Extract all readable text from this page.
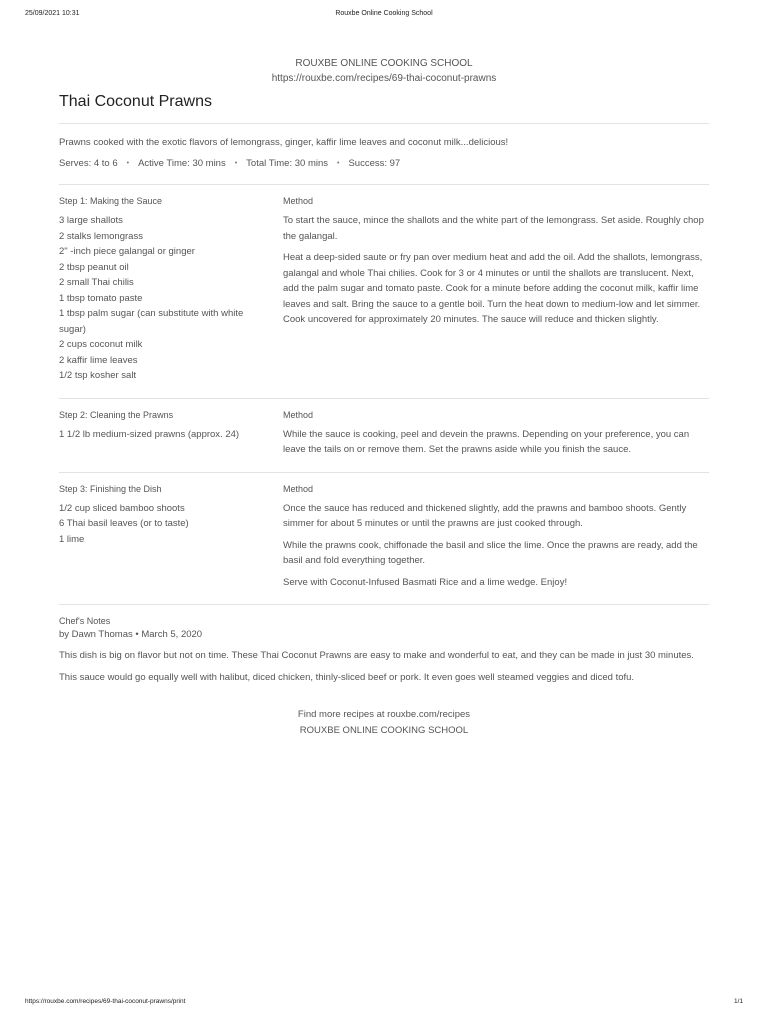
25/09/2021 10:31	Rouxbe Online Cooking School
ROUXBE ONLINE COOKING SCHOOL
https://rouxbe.com/recipes/69-thai-coconut-prawns
Thai Coconut Prawns
Prawns cooked with the exotic flavors of lemongrass, ginger, kaffir lime leaves and coconut milk...delicious!
Serves: 4 to 6 • Active Time: 30 mins • Total Time: 30 mins • Success: 97
Step 1: Making the Sauce
3 large shallots
2 stalks lemongrass
2" -inch piece galangal or ginger
2 tbsp peanut oil
2 small Thai chilis
1 tbsp tomato paste
1 tbsp palm sugar (can substitute with white sugar)
2 cups coconut milk
2 kaffir lime leaves
1/2 tsp kosher salt
Method
To start the sauce, mince the shallots and the white part of the lemongrass. Set aside. Roughly chop the galangal.
Heat a deep-sided saute or fry pan over medium heat and add the oil. Add the shallots, lemongrass, galangal and whole Thai chilies. Cook for 3 or 4 minutes or until the shallots are translucent. Next, add the palm sugar and tomato paste. Cook for a minute before adding the coconut milk, kaffir lime leaves and salt. Bring the sauce to a gentle boil. Turn the heat down to medium-low and let simmer. Cook uncovered for approximately 20 minutes. The sauce will reduce and thicken slightly.
Step 2: Cleaning the Prawns
1 1/2 lb medium-sized prawns (approx. 24)
Method
While the sauce is cooking, peel and devein the prawns. Depending on your preference, you can leave the tails on or remove them. Set the prawns aside while you finish the sauce.
Step 3: Finishing the Dish
1/2 cup sliced bamboo shoots
6 Thai basil leaves (or to taste)
1 lime
Method
Once the sauce has reduced and thickened slightly, add the prawns and bamboo shoots. Gently simmer for about 5 minutes or until the prawns are just cooked through.
While the prawns cook, chiffonade the basil and slice the lime. Once the prawns are ready, add the basil and fold everything together.
Serve with Coconut-Infused Basmati Rice and a lime wedge. Enjoy!
Chef's Notes
by Dawn Thomas • March 5, 2020
This dish is big on flavor but not on time. These Thai Coconut Prawns are easy to make and wonderful to eat, and they can be made in just 30 minutes.
This sauce would go equally well with halibut, diced chicken, thinly-sliced beef or pork. It even goes well steamed veggies and diced tofu.
Find more recipes at rouxbe.com/recipes
ROUXBE ONLINE COOKING SCHOOL
https://rouxbe.com/recipes/69-thai-coconut-prawns/print	1/1
